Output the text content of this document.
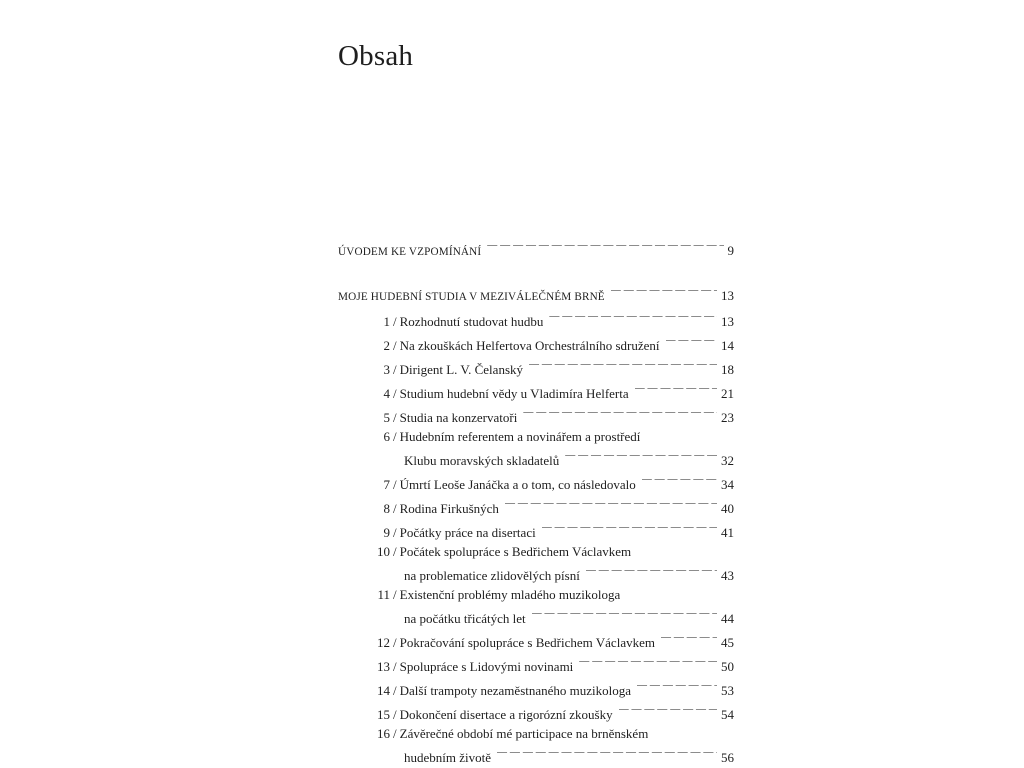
Obsah
ÚVODEM KE VZPOMÍNÁNÍ — — —	9
MOJE HUDEBNÍ STUDIA V MEZIVÁLEČNÉM BRNĚ — — —	13
1 / Rozhodnutí studovat hudbu — — —	13
2 / Na zkouškách Helfertova Orchestrálního sdružení — — —	14
3 / Dirigent L. V. Čelanský — — —	18
4 / Studium hudební vědy u Vladimíra Helferta — — —	21
5 / Studia na konzervatoři — — —	23
6 / Hudebním referentem a novinářem a prostředí
Klubu moravských skladatelů — — —	32
7 / Úmrtí Leoše Janáčka a o tom, co následovalo — — —	34
8 / Rodina Firkušných — — —	40
9 / Počátky práce na disertaci — — —	41
10 / Počátek spolupráce s Bedřichem Václavkem
na problematice zlidovělých písní — — —	43
11 / Existenční problémy mladého muzikologa
na počátku třicátých let — — —	44
12 / Pokračování spolupráce s Bedřichem Václavkem — — —	45
13 / Spolupráce s Lidovými novinami — — —	50
14 / Další trampoty nezaměstnaného muzikologa — — —	53
15 / Dokončení disertace a rigorózní zkoušky — — —	54
16 / Závěrečné období mé participace na brněnském
hudebním životě — — —	56
